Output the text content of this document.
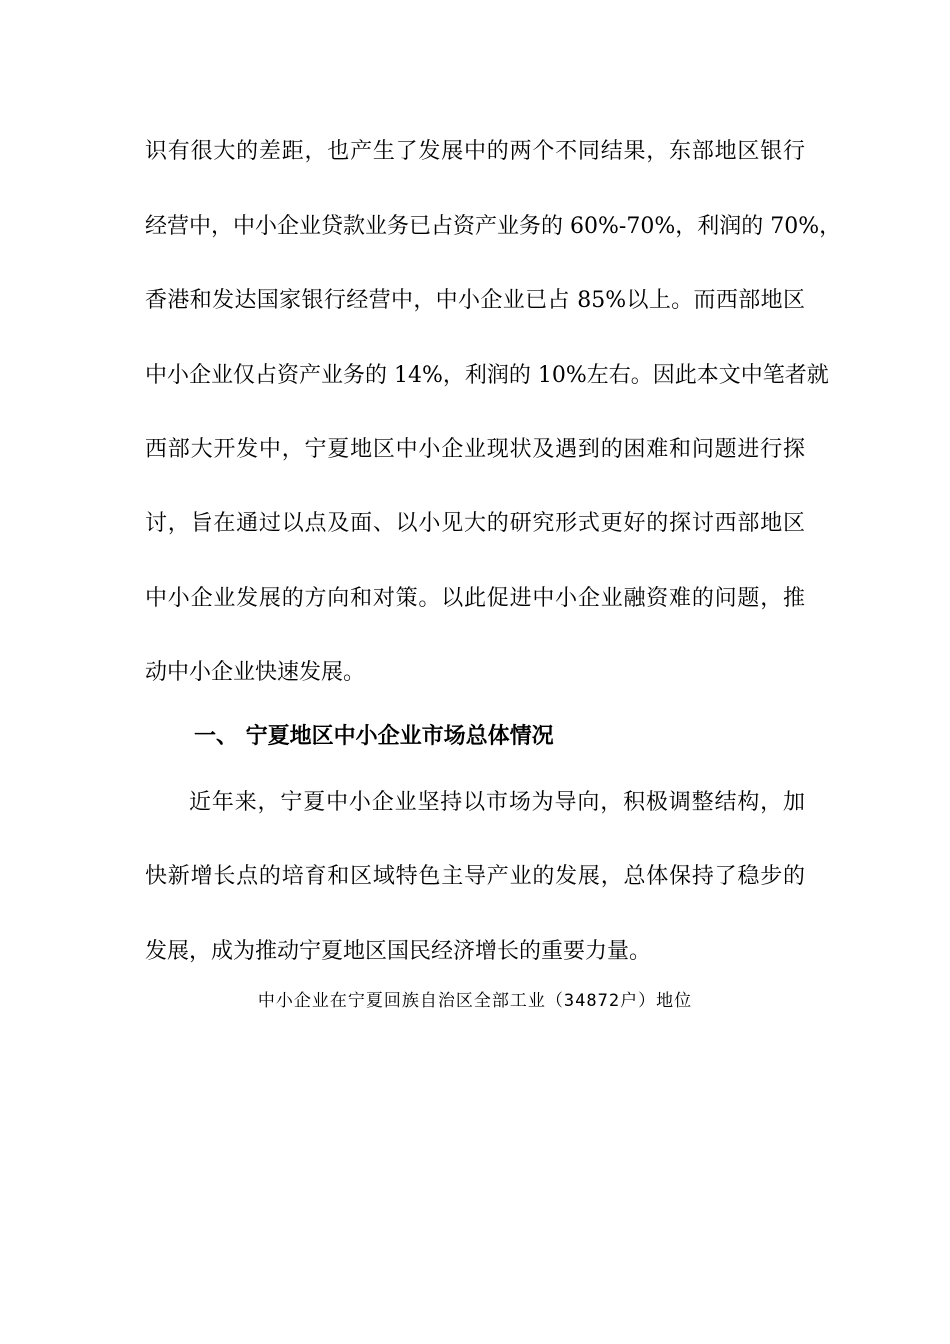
识有很大的差距，也产生了发展中的两个不同结果，东部地区银行
经营中，中小企业贷款业务已占资产业务的 60%-70%，利润的 70%，
香港和发达国家银行经营中，中小企业已占 85%以上。而西部地区
中小企业仅占资产业务的 14%，利润的 10%左右。因此本文中笔者就
西部大开发中，宁夏地区中小企业现状及遇到的困难和问题进行探
讨，旨在通过以点及面、以小见大的研究形式更好的探讨西部地区
中小企业发展的方向和对策。以此促进中小企业融资难的问题，推
动中小企业快速发展。
一、 宁夏地区中小企业市场总体情况
近年来，宁夏中小企业坚持以市场为导向，积极调整结构，加
快新增长点的培育和区域特色主导产业的发展，总体保持了稳步的
发展，成为推动宁夏地区国民经济增长的重要力量。
中小企业在宁夏回族自治区全部工业（34872户）地位
